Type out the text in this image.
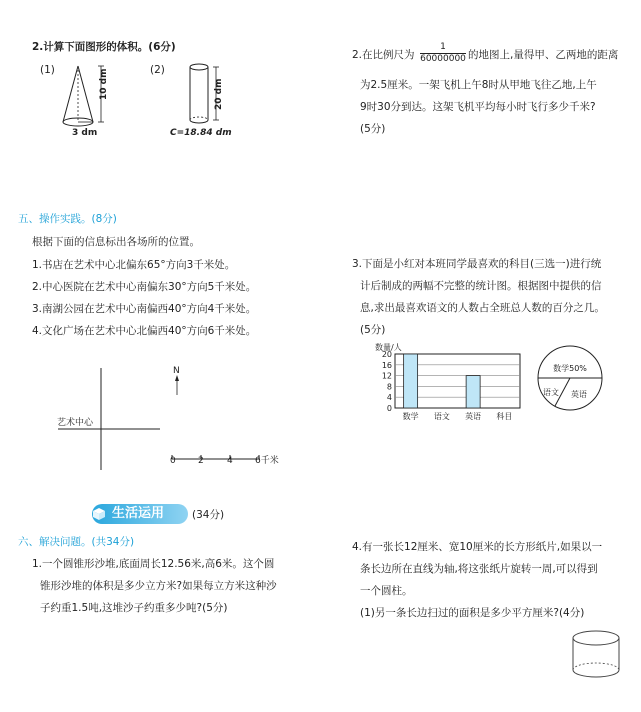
2.计算下面图形的体积。(6分)
(1)	(2)
10 dm
3 dm
20 dm
C=18.84 dm
五、操作实践。(8分)
根据下面的信息标出各场所的位置。
1.书店在艺术中心北偏东65°方向3千米处。
2.中心医院在艺术中心南偏东30°方向5千米处。
3.南湖公园在艺术中心南偏西40°方向4千米处。
4.文化广场在艺术中心北偏西40°方向6千米处。
艺术中心
N
0 2	4 6千米
生活运用	(34分)
六、解决问题。(共34分)
1.一个圆锥形沙堆,底面周长12.56米,高6米。这个圆
锥形沙堆的体积是多少立方米?如果每立方米这种沙
子约重1.5吨,这堆沙子约重多少吨?(5分)
2.在比例尺为 $\frac{1}{60000000}$ 的地图上,量得甲、乙两地的距离
为2.5厘米。一架飞机上午8时从甲地飞往乙地,上午
9时30分到达。这架飞机平均每小时飞行多少千米?
(5分)
3.下面是小红对本班同学最喜欢的科目(三选一)进行统
计后制成的两幅不完整的统计图。根据图中提供的信
息,求出最喜欢语文的人数占全班总人数的百分之几。
(5分)
数量/人
0
4
8
12
16
20
数学 语文 英语 科目
数学50%
语文 英语
4.有一张长12厘米、宽10厘米的长方形纸片,如果以一
条长边所在直线为轴,将这张纸片旋转一周,可以得到
一个圆柱。
(1)另一条长边扫过的面积是多少平方厘米?(4分)
